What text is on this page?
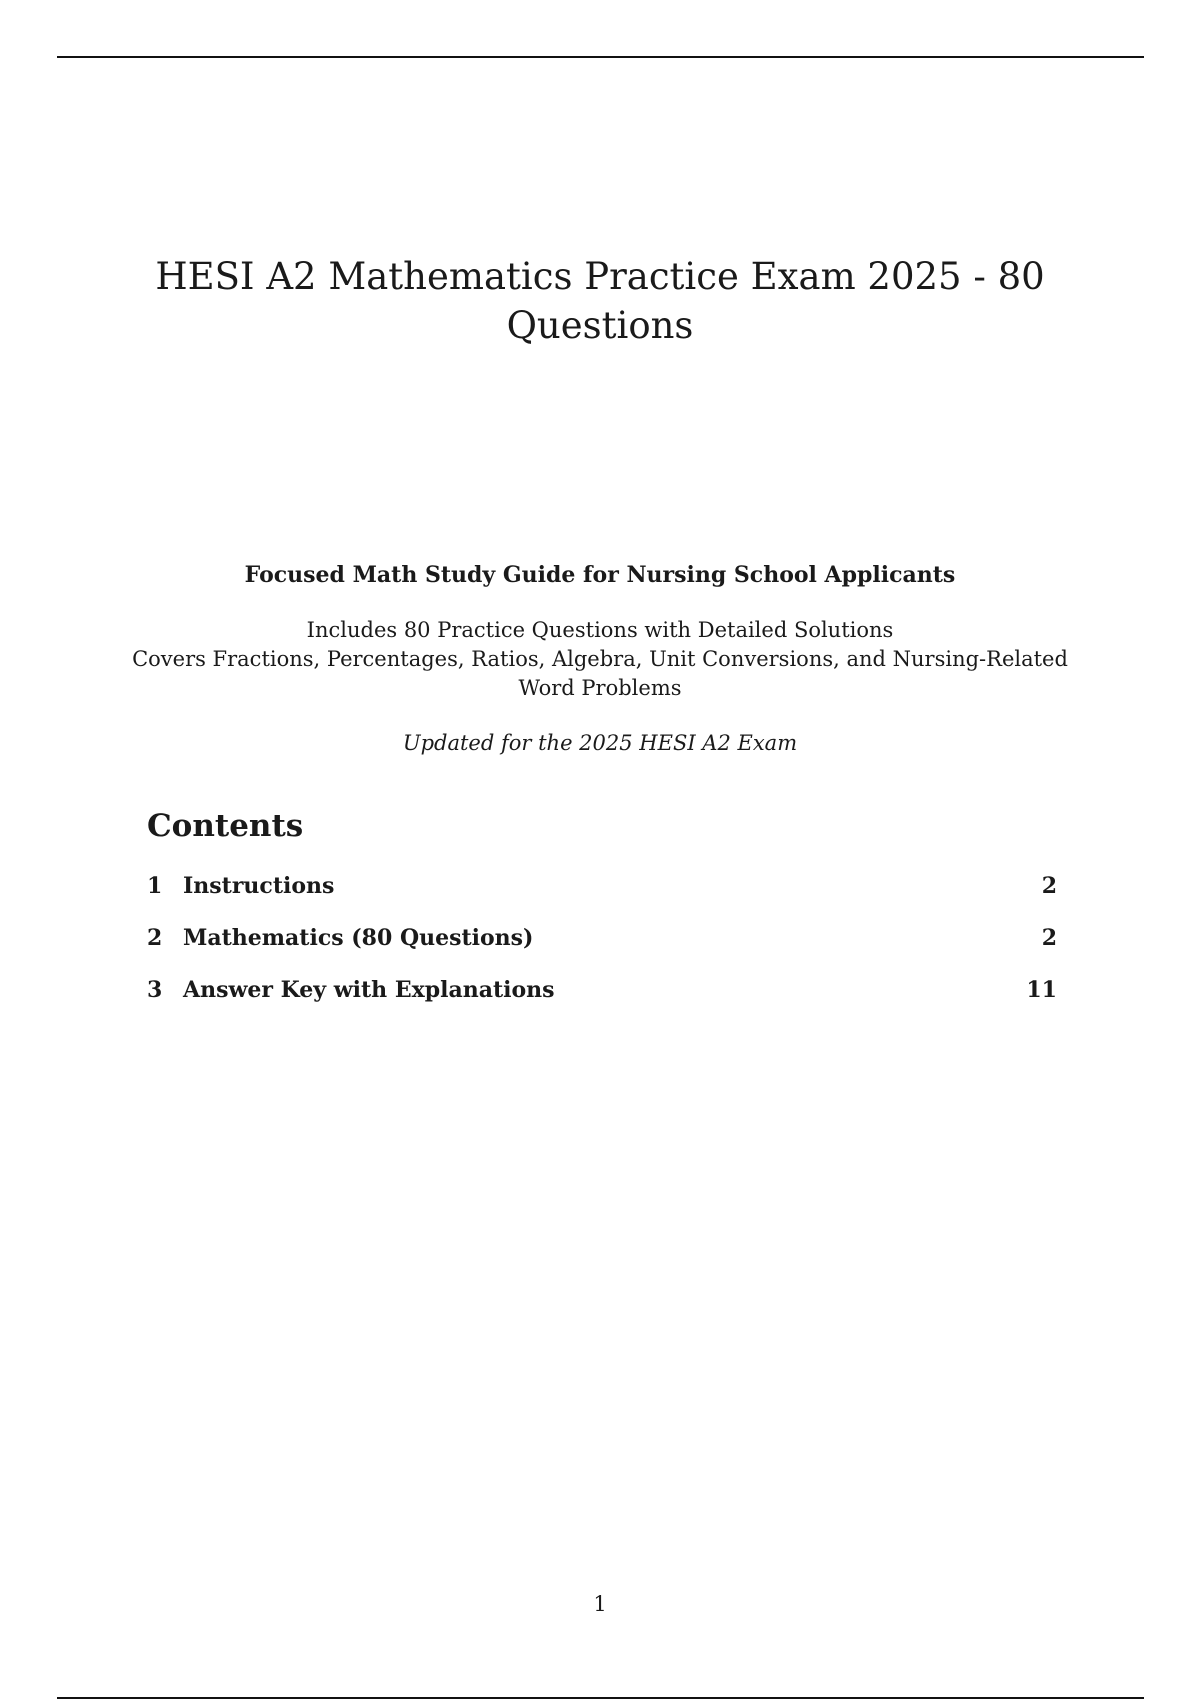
HESI A2 Mathematics Practice Exam 2025 - 80
Questions

Focused Math Study Guide for Nursing School Applicants

Includes 80 Practice Questions with Detailed Solutions

Covers Fractions, Percentages, Ratios, Algebra, Unit Conversions, and Nursing-Related

Word Problems

Updated for the 2025 HESI A2 Exam

Contents
1 Instructions	2
2 Mathematics (80 Questions)	2
3 Answer Key with Explanations	11
1
